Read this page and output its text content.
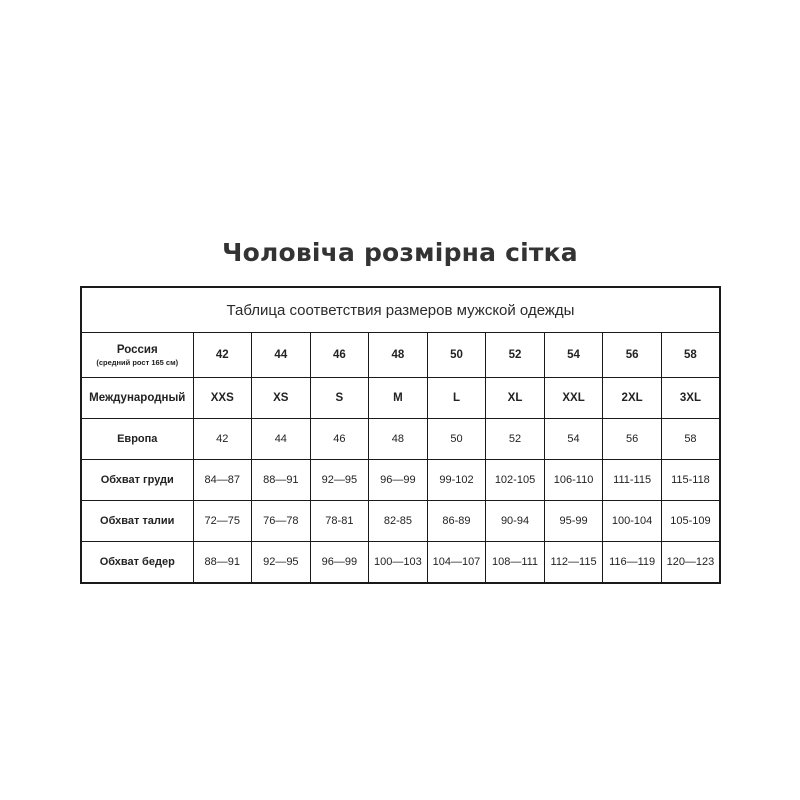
Чоловіча розмірна сітка
Таблица соответствия размеров мужской одежды									
Россия
(средний рост 165 см)	42	44	46	48	50	52	54	56	58
Международный	XXS	XS	S	M	L	XL	XXL	2XL	3XL
Европа	42	44	46	48	50	52	54	56	58
Обхват груди	84—87	88—91	92—95	96—99	99-102	102-105	106-110	111-115	115-118
Обхват талии	72—75	76—78	78-81	82-85	86-89	90-94	95-99	100-104	105-109
Обхват бедер	88—91	92—95	96—99	100—103	104—107	108—111	112—115	116—119	120—123
